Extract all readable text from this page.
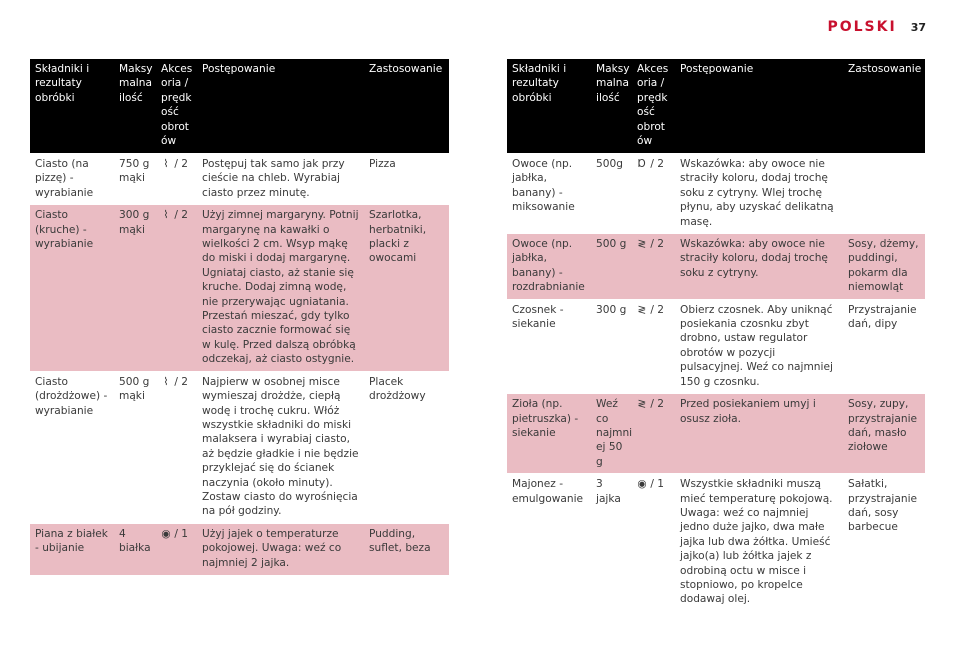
POLSKI 37
Składniki i rezultaty obróbki	Maksy malna ilość	Akces oria / prędk ość obrot ów	Postępowanie	Zastosowanie
Ciasto (na pizzę) - wyrabianie	750 g mąki	⌇ / 2	Postępuj tak samo jak przy cieście na chleb. Wyrabiaj ciasto przez minutę.	Pizza
Ciasto (kruche) - wyrabianie	300 g mąki	⌇ / 2	Użyj zimnej margaryny. Potnij margarynę na kawałki o wielkości 2 cm. Wsyp mąkę do miski i dodaj margarynę. Ugniataj ciasto, aż stanie się kruche. Dodaj zimną wodę, nie przerywając ugniatania. Przestań mieszać, gdy tylko ciasto zacznie formować się w kulę. Przed dalszą obróbką odczekaj, aż ciasto ostygnie.	Szarlotka, herbatniki, placki z owocami
Ciasto (drożdżowe) - wyrabianie	500 g mąki	⌇ / 2	Najpierw w osobnej misce wymieszaj drożdże, ciepłą wodę i trochę cukru. Włóż wszystkie składniki do miski malaksera i wyrabiaj ciasto, aż będzie gładkie i nie będzie przyklejać się do ścianek naczynia (około minuty). Zostaw ciasto do wyrośnięcia na pół godziny.	Placek drożdżowy
Piana z białek - ubijanie	4 białka	◉ / 1	Użyj jajek o temperaturze pokojowej. Uwaga: weź co najmniej 2 jajka.	Pudding, suflet, beza
Składniki i rezultaty obróbki	Maksy malna ilość	Akces oria / prędk ość obrot ów	Postępowanie	Zastosowanie
Owoce (np. jabłka, banany) - miksowanie	500g	Ɒ / 2	Wskazówka: aby owoce nie straciły koloru, dodaj trochę soku z cytryny. Wlej trochę płynu, aby uzyskać delikatną masę.	
Owoce (np. jabłka, banany) - rozdrabnianie	500 g	≷ / 2	Wskazówka: aby owoce nie straciły koloru, dodaj trochę soku z cytryny.	Sosy, dżemy, puddingi, pokarm dla niemowląt
Czosnek - siekanie	300 g	≷ / 2	Obierz czosnek. Aby uniknąć posiekania czosnku zbyt drobno, ustaw regulator obrotów w pozycji pulsacyjnej. Weź co najmniej 150 g czosnku.	Przystrajanie dań, dipy
Zioła (np. pietruszka) - siekanie	Weź co najmni ej 50 g	≷ / 2	Przed posiekaniem umyj i osusz zioła.	Sosy, zupy, przystrajanie dań, masło ziołowe
Majonez - emulgowanie	3 jajka	◉ / 1	Wszystkie składniki muszą mieć temperaturę pokojową. Uwaga: weź co najmniej jedno duże jajko, dwa małe jajka lub dwa żółtka. Umieść jajko(a) lub żółtka jajek z odrobiną octu w misce i stopniowo, po kropelce dodawaj olej.	Sałatki, przystrajanie dań, sosy barbecue
